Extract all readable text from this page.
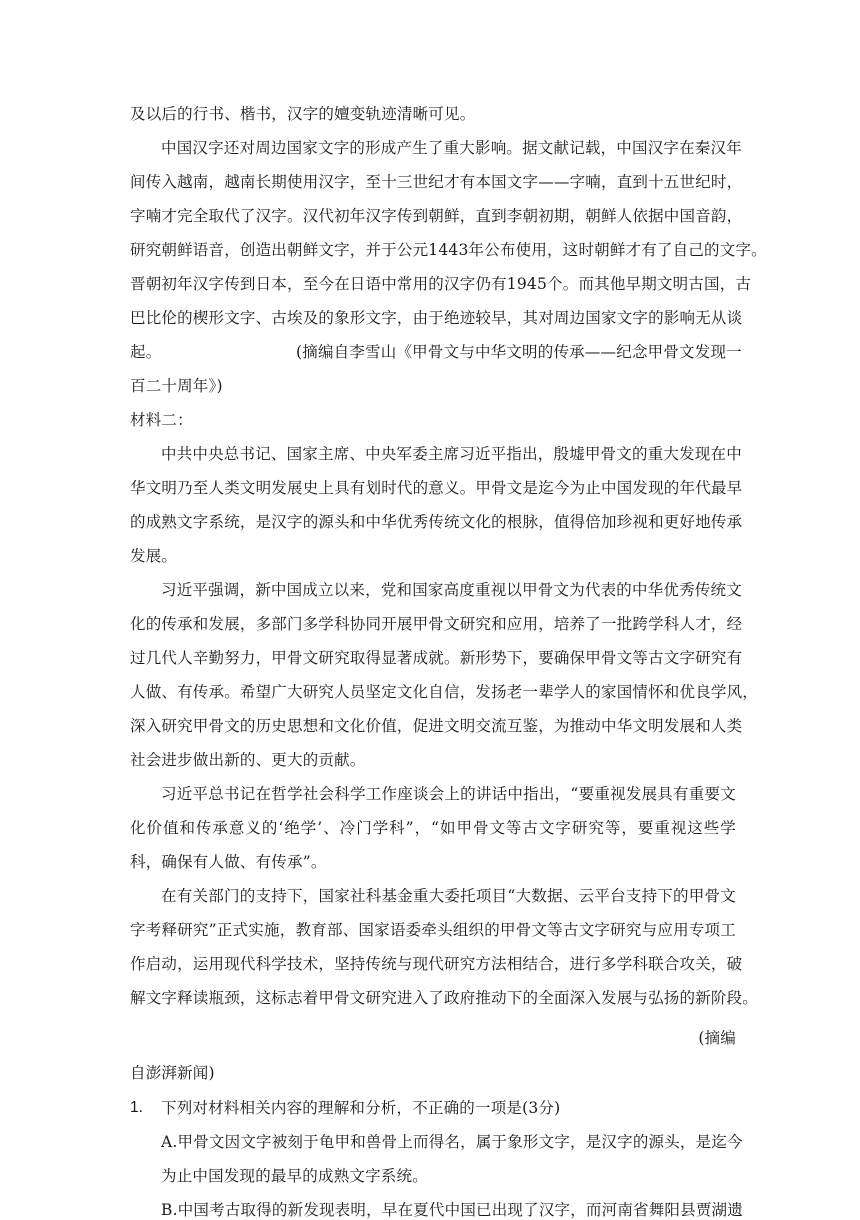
及以后的行书、楷书，汉字的嬗变轨迹清晰可见。
中国汉字还对周边国家文字的形成产生了重大影响。据文献记载，中国汉字在秦汉年
间传入越南，越南长期使用汉字，至十三世纪才有本国文字——字喃，直到十五世纪时，
字喃才完全取代了汉字。汉代初年汉字传到朝鲜，直到李朝初期，朝鲜人依据中国音韵，
研究朝鲜语音，创造出朝鲜文字，并于公元1443年公布使用，这时朝鲜才有了自己的文字。
晋朝初年汉字传到日本，至今在日语中常用的汉字仍有1945个。而其他早期文明古国，古
巴比伦的楔形文字、古埃及的象形文字，由于绝迹较早，其对周边国家文字的影响无从谈
起。	(摘编自李雪山《甲骨文与中华文明的传承——纪念甲骨文发现一
百二十周年》)
材料二：
中共中央总书记、国家主席、中央军委主席习近平指出，殷墟甲骨文的重大发现在中
华文明乃至人类文明发展史上具有划时代的意义。甲骨文是迄今为止中国发现的年代最早
的成熟文字系统，是汉字的源头和中华优秀传统文化的根脉，值得倍加珍视和更好地传承
发展。
习近平强调，新中国成立以来，党和国家高度重视以甲骨文为代表的中华优秀传统文
化的传承和发展，多部门多学科协同开展甲骨文研究和应用，培养了一批跨学科人才，经
过几代人辛勤努力，甲骨文研究取得显著成就。新形势下，要确保甲骨文等古文字研究有
人做、有传承。希望广大研究人员坚定文化自信，发扬老一辈学人的家国情怀和优良学风，
深入研究甲骨文的历史思想和文化价值，促进文明交流互鉴，为推动中华文明发展和人类
社会进步做出新的、更大的贡献。
习近平总书记在哲学社会科学工作座谈会上的讲话中指出，“要重视发展具有重要文
化价值和传承意义的‘绝学’、冷门学科”，“如甲骨文等古文字研究等，要重视这些学
科，确保有人做、有传承”。
在有关部门的支持下，国家社科基金重大委托项目“大数据、云平台支持下的甲骨文
字考释研究”正式实施，教育部、国家语委牵头组织的甲骨文等古文字研究与应用专项工
作启动，运用现代科学技术，坚持传统与现代研究方法相结合，进行多学科联合攻关，破
解文字释读瓶颈，这标志着甲骨文研究进入了政府推动下的全面深入发展与弘扬的新阶段。
(摘编
自澎湃新闻)
1. 下列对材料相关内容的理解和分析，不正确的一项是(3分)
A.甲骨文因文字被刻于龟甲和兽骨上而得名，属于象形文字，是汉字的源头，是迄今
为止中国发现的最早的成熟文字系统。
B.中国考古取得的新发现表明，早在夏代中国已出现了汉字，而河南省舞阳县贾湖遗
